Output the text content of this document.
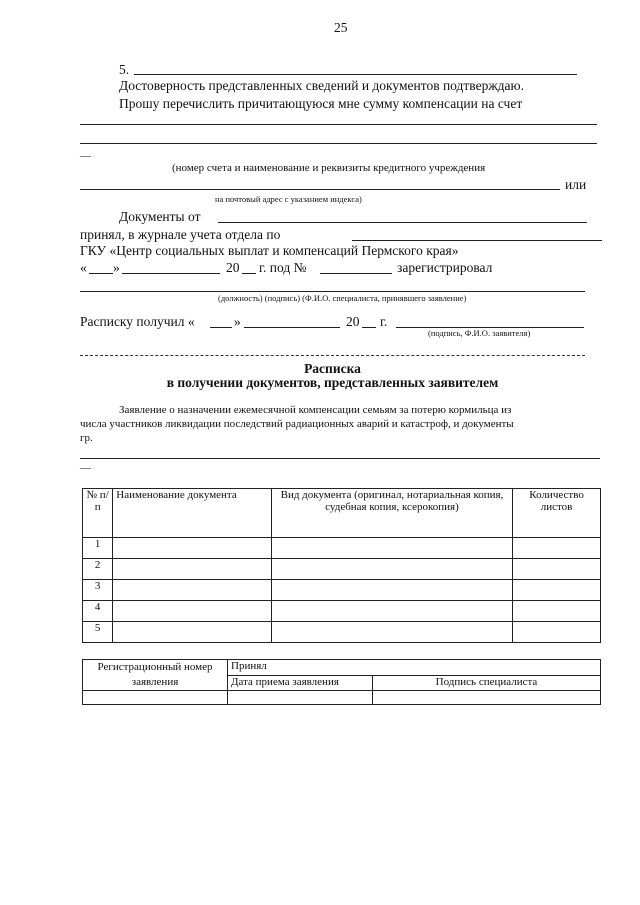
25
5.
Достоверность представленных сведений и документов подтверждаю.
Прошу перечислить причитающуюся мне сумму компенсации на счет
—
(номер счета и наименование и реквизиты кредитного учреждения
или
на почтовый адрес с указанием индекса)
Документы от
принял, в журнале учета отдела по
ГКУ «Центр социальных выплат и компенсаций Пермского края»
« »	20 г. под №	зарегистрировал
(должность) (подпись) (Ф.И.О. специалиста, принявшего заявление)
Расписку получил «	»	20 г.
(подпись, Ф.И.О. заявителя)
Расписка
в получении документов, представленных заявителем
Заявление о назначении ежемесячной компенсации семьям за потерю кормильца из
числа участников ликвидации последствий радиационных аварий и катастроф, и документы
гр.
—
№ п/п	Наименование документа	Вид документа (оригинал, нотариальная копия, судебная копия, ксерокопия)	Количество листов
1			
2			
3			
4			
5			
Регистрационный номер заявления	Принял	
	Дата приема заявления	Подпись специалиста
